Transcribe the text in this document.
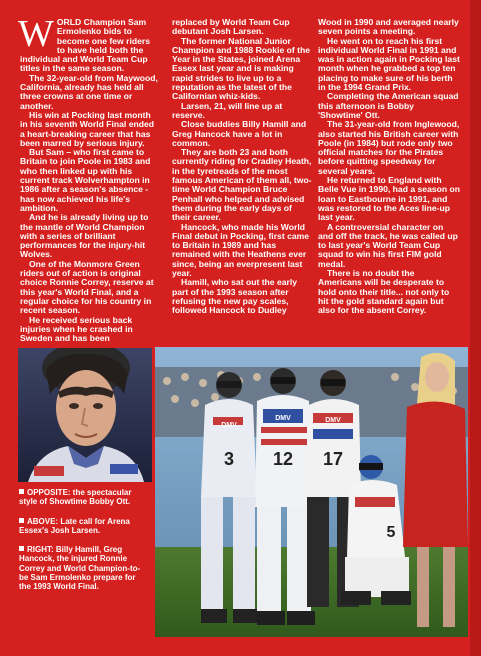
WORLD Champion Sam Ermolenko bids to become one few riders to have held both the individual and World Team Cup titles in the same season.

The 32-year-old from Maywood, California, already has held all three crowns at one time or another.

His win at Pocking last month in his seventh World Final ended a heart-breaking career that has been marred by serious injury.

But Sam – who first came to Britain to join Poole in 1983 and who then linked up with his current track Wolverhampton in 1986 after a season's absence - has now achieved his life's ambition.

And he is already living up to the mantle of World Champion with a series of brilliant performances for the injury-hit Wolves.

One of the Monmore Green riders out of action is original choice Ronnie Correy, reserve at this year's World Final, and a regular choice for his country in recent season.

He received serious back injuries when he crashed in Sweden and has been

replaced by World Team Cup debutant Josh Larsen.

The former National Junior Champion and 1988 Rookie of the Year in the States, joined Arena Essex last year and is making rapid strides to live up to a reputation as the latest of the Californian whiz-kids.

Larsen, 21, will line up at reserve.

Close buddies Billy Hamill and Greg Hancock have a lot in common.

They are both 23 and both currently riding for Cradley Heath, in the tyretreads of the most famous American of them all, two-time World Champion Bruce Penhall who helped and advised them during the early days of their career.

Hancock, who made his World Final debut in Pocking, first came to Britain in 1989 and has remained with the Heathens ever since, being an everpresent last year.

Hamill, who sat out the early part of the 1993 season after refusing the new pay scales, followed Hancock to Dudley

Wood in 1990 and averaged nearly seven points a meeting.

He went on to reach his first individual World Final in 1991 and was in action again in Pocking last month when he grabbed a top ten placing to make sure of his berth in the 1994 Grand Prix.

Completing the American squad this afternoon is Bobby 'Showtime' Ott.

The 31-year-old from Inglewood, also started his British career with Poole (in 1984) but rode only two official matches for the Pirates before quitting speedway for several years.

He returned to England with Belle Vue in 1990, had a season on loan to Eastbourne in 1991, and was restored to the Aces line-up last year.

A controversial character on and off the track, he was called up to last year's World Team Cup squad to win his first FIM gold medal.

There is no doubt the Americans will be desperate to hold onto their title... not only to hit the gold standard again but also for the absent Correy.

3 12 17
5
DMV
DMV	DMV

OPPOSITE: the spectacular style of Showtime Bobby Ott.

ABOVE: Late call for Arena Essex's Josh Larsen.

RIGHT: Billy Hamill, Greg Hancock, the injured Ronnie Correy and World Champion-to-be Sam Ermolenko prepare for the 1993 World Final.
